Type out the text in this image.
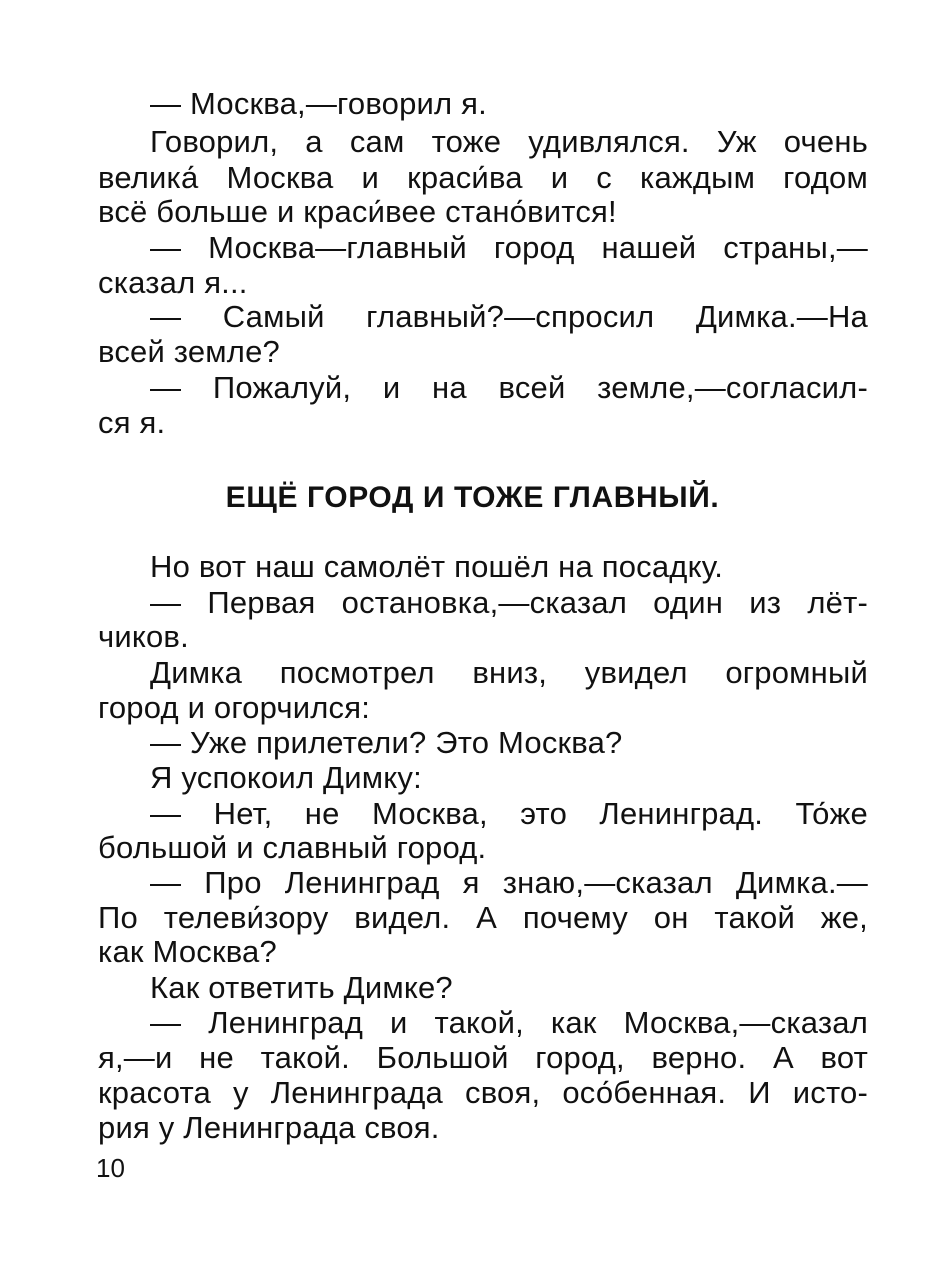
— Москва,—говорил я.
Говорил, а сам тоже удивлялся. Уж очень
велика́ Москва и краси́ва и с каждым годом
всё больше и краси́вее стано́вится!
— Москва—главный город нашей страны,—
сказал я...
— Самый главный?—спросил Димка.—На
всей земле?
— Пожалуй, и на всей земле,—согласил-
ся я.
ЕЩЁ ГОРОД И ТОЖЕ ГЛАВНЫЙ.
Но вот наш самолёт пошёл на посадку.
— Первая остановка,—сказал один из лёт-
чиков.
Димка посмотрел вниз, увидел огромный
город и огорчился:
— Уже прилетели? Это Москва?
Я успокоил Димку:
— Нет, не Москва, это Ленинград. То́же
большой и славный город.
— Про Ленинград я знаю,—сказал Димка.—
По телеви́зору видел. А почему он такой же,
как Москва?
Как ответить Димке?
— Ленинград и такой, как Москва,—сказал
я,—и не такой. Большой город, верно. А вот
красота у Ленинграда своя, осо́бенная. И исто-
рия у Ленинграда своя.
10
